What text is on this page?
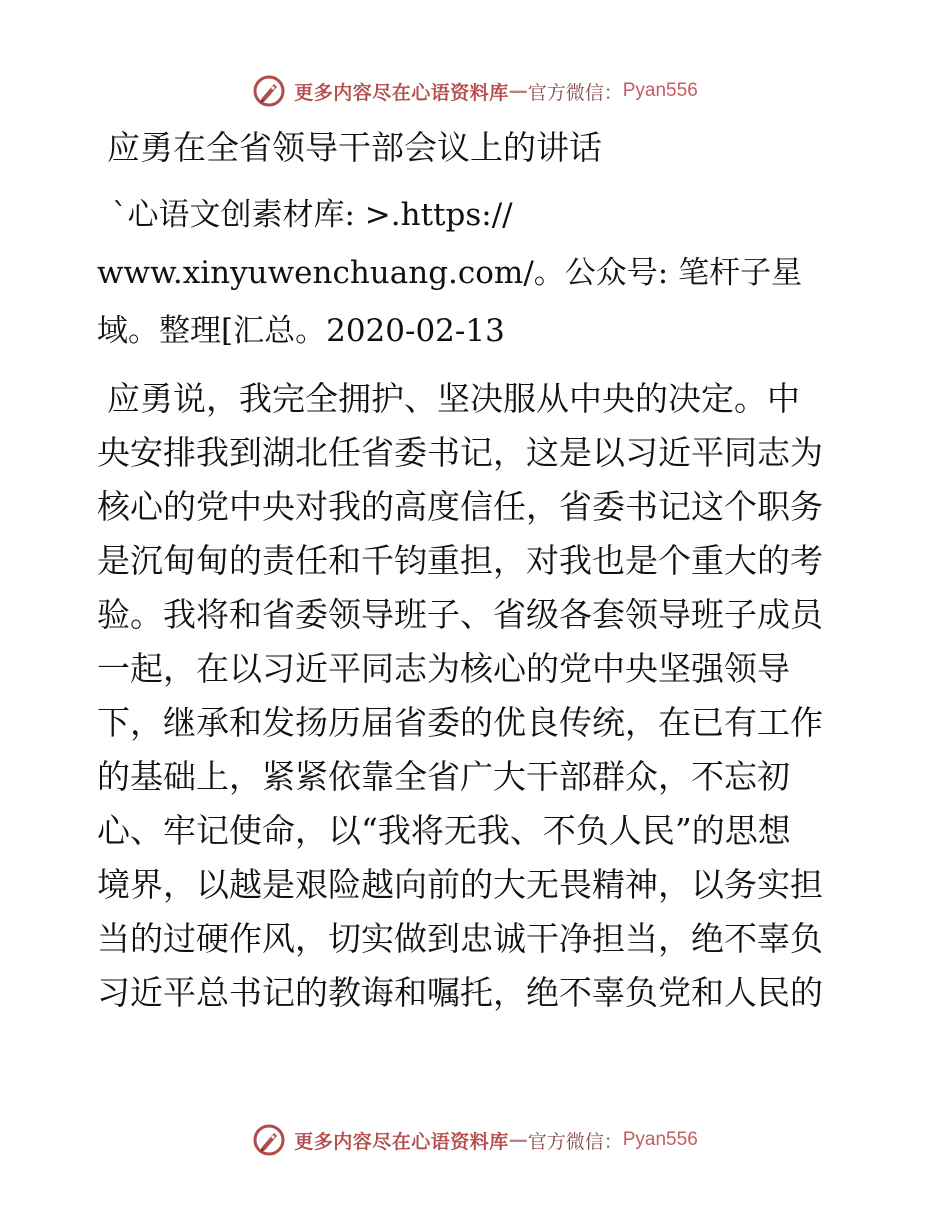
更多内容尽在心语资料库 — 官方微信： Pyan556
应勇在全省领导干部会议上的讲话

`心语文创素材库: >.https://
www.xinyuwenchuang.com/。公众号: 笔杆子星
域。整理[汇总。2020-02-13

应勇说，我完全拥护、坚决服从中央的决定。中
央安排我到湖北任省委书记，这是以习近平同志为
核心的党中央对我的高度信任，省委书记这个职务
是沉甸甸的责任和千钧重担，对我也是个重大的考
验。我将和省委领导班子、省级各套领导班子成员
一起，在以习近平同志为核心的党中央坚强领导
下，继承和发扬历届省委的优良传统，在已有工作
的基础上，紧紧依靠全省广大干部群众，不忘初
心、牢记使命，以“我将无我、不负人民”的思想
境界，以越是艰险越向前的大无畏精神，以务实担
当的过硬作风，切实做到忠诚干净担当，绝不辜负
习近平总书记的教诲和嘱托，绝不辜负党和人民的

更多内容尽在心语资料库 — 官方微信： Pyan556
